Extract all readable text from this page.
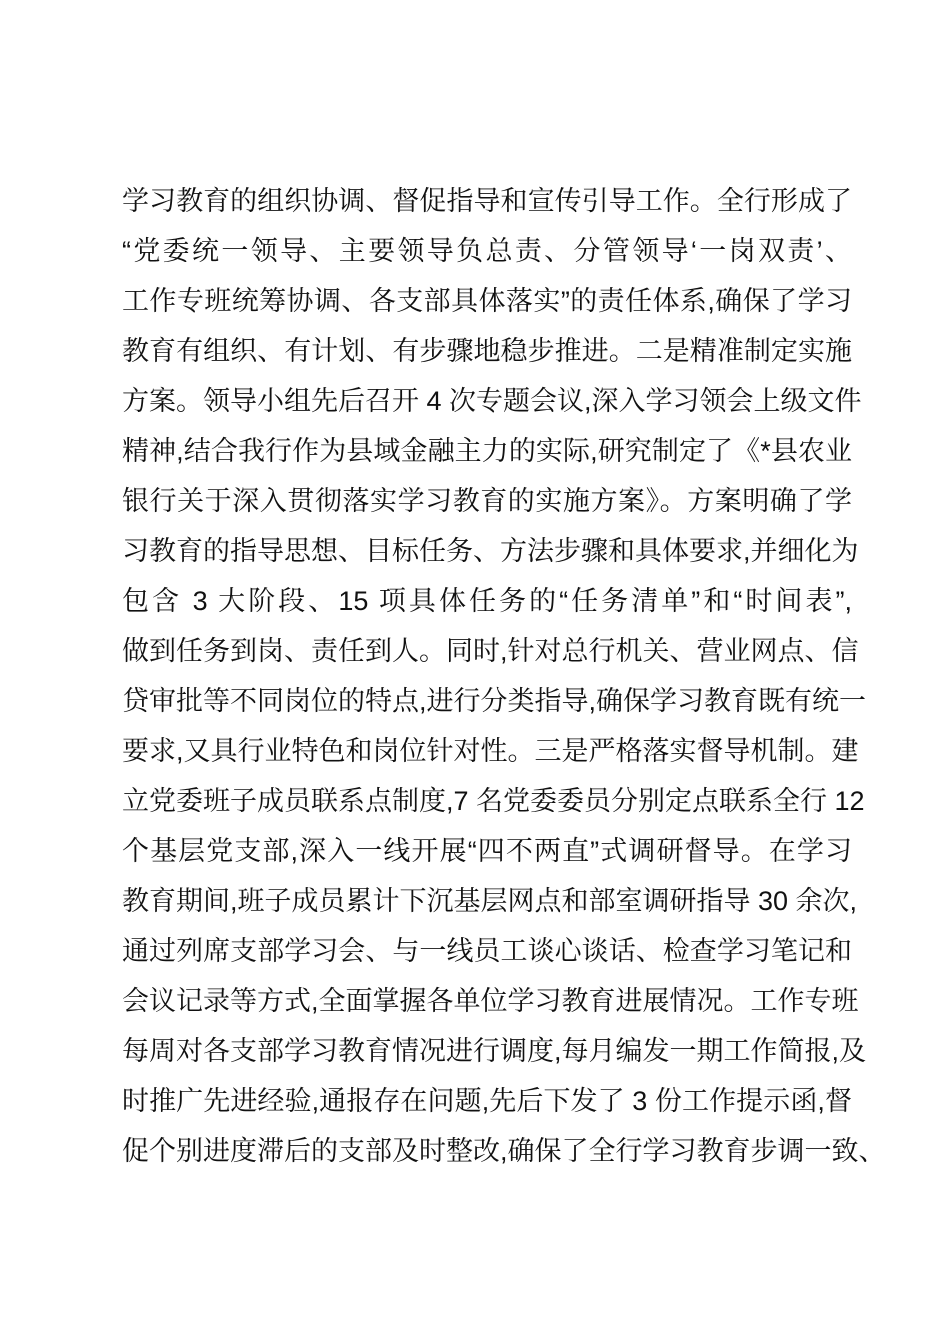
学习教育的组织协调、督促指导和宣传引导工作。全行形成了
“党委统一领导、主要领导负总责、分管领导‘一岗双责’、
工作专班统筹协调、各支部具体落实”的责任体系,确保了学习
教育有组织、有计划、有步骤地稳步推进。二是精准制定实施
方案。领导小组先后召开 4 次专题会议,深入学习领会上级文件
精神,结合我行作为县域金融主力的实际,研究制定了《*县农业
银行关于深入贯彻落实学习教育的实施方案》。方案明确了学
习教育的指导思想、目标任务、方法步骤和具体要求,并细化为
包含 3 大阶段、15 项具体任务的“任务清单”和“时间表”,
做到任务到岗、责任到人。同时,针对总行机关、营业网点、信
贷审批等不同岗位的特点,进行分类指导,确保学习教育既有统一
要求,又具行业特色和岗位针对性。三是严格落实督导机制。建
立党委班子成员联系点制度,7 名党委委员分别定点联系全行 12
个基层党支部,深入一线开展“四不两直”式调研督导。在学习
教育期间,班子成员累计下沉基层网点和部室调研指导 30 余次,
通过列席支部学习会、与一线员工谈心谈话、检查学习笔记和
会议记录等方式,全面掌握各单位学习教育进展情况。工作专班
每周对各支部学习教育情况进行调度,每月编发一期工作简报,及
时推广先进经验,通报存在问题,先后下发了 3 份工作提示函,督
促个别进度滞后的支部及时整改,确保了全行学习教育步调一致、
